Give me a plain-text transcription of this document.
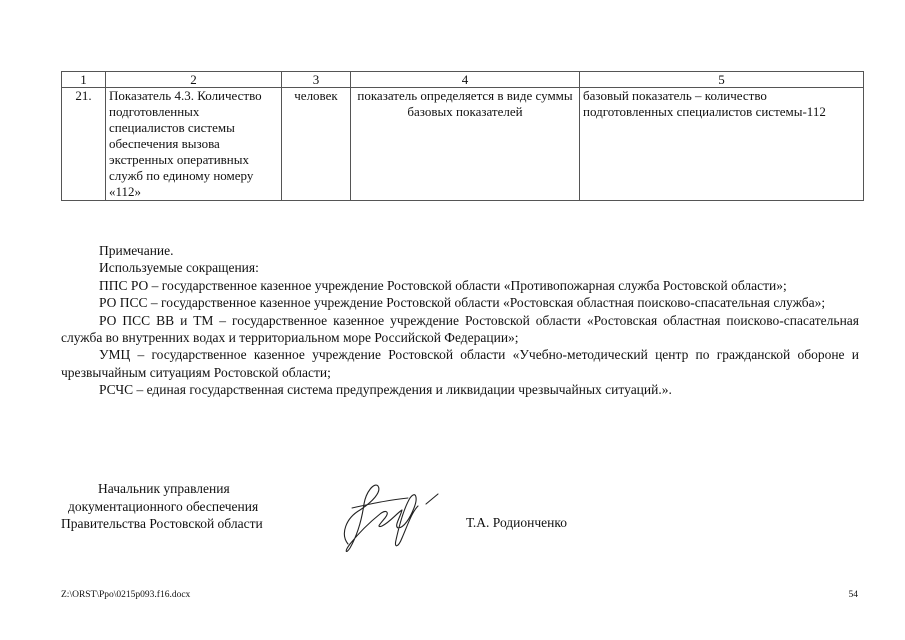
1	2	3	4	5
21.	Показатель 4.3. Количество подготовленных специалистов системы обеспечения вызова экстренных оперативных служб по единому номеру «112»	человек	показатель определяется в виде суммы базовых показателей	базовый показатель – количество подготовленных специалистов системы-112

Примечание.

Используемые сокращения:

ППС РО – государственное казенное учреждение Ростовской области «Противопожарная служба Ростовской области»;

РО ПСС – государственное казенное учреждение Ростовской области «Ростовская областная поисково-спасательная служба»;

РО ПСС ВВ и ТМ – государственное казенное учреждение Ростовской области «Ростовская областная поисково-спасательная служба во внутренних водах и территориальном море Российской Федерации»;

УМЦ – государственное казенное учреждение Ростовской области «Учебно-методический центр по гражданской обороне и чрезвычайным ситуациям Ростовской области;

РСЧС – единая государственная система предупреждения и ликвидации чрезвычайных ситуаций.».

Начальник управления
документационного обеспечения
Правительства Ростовской области	Т.А. Родионченко
Z:\ORST\Ppo\0215p093.f16.docx	54
